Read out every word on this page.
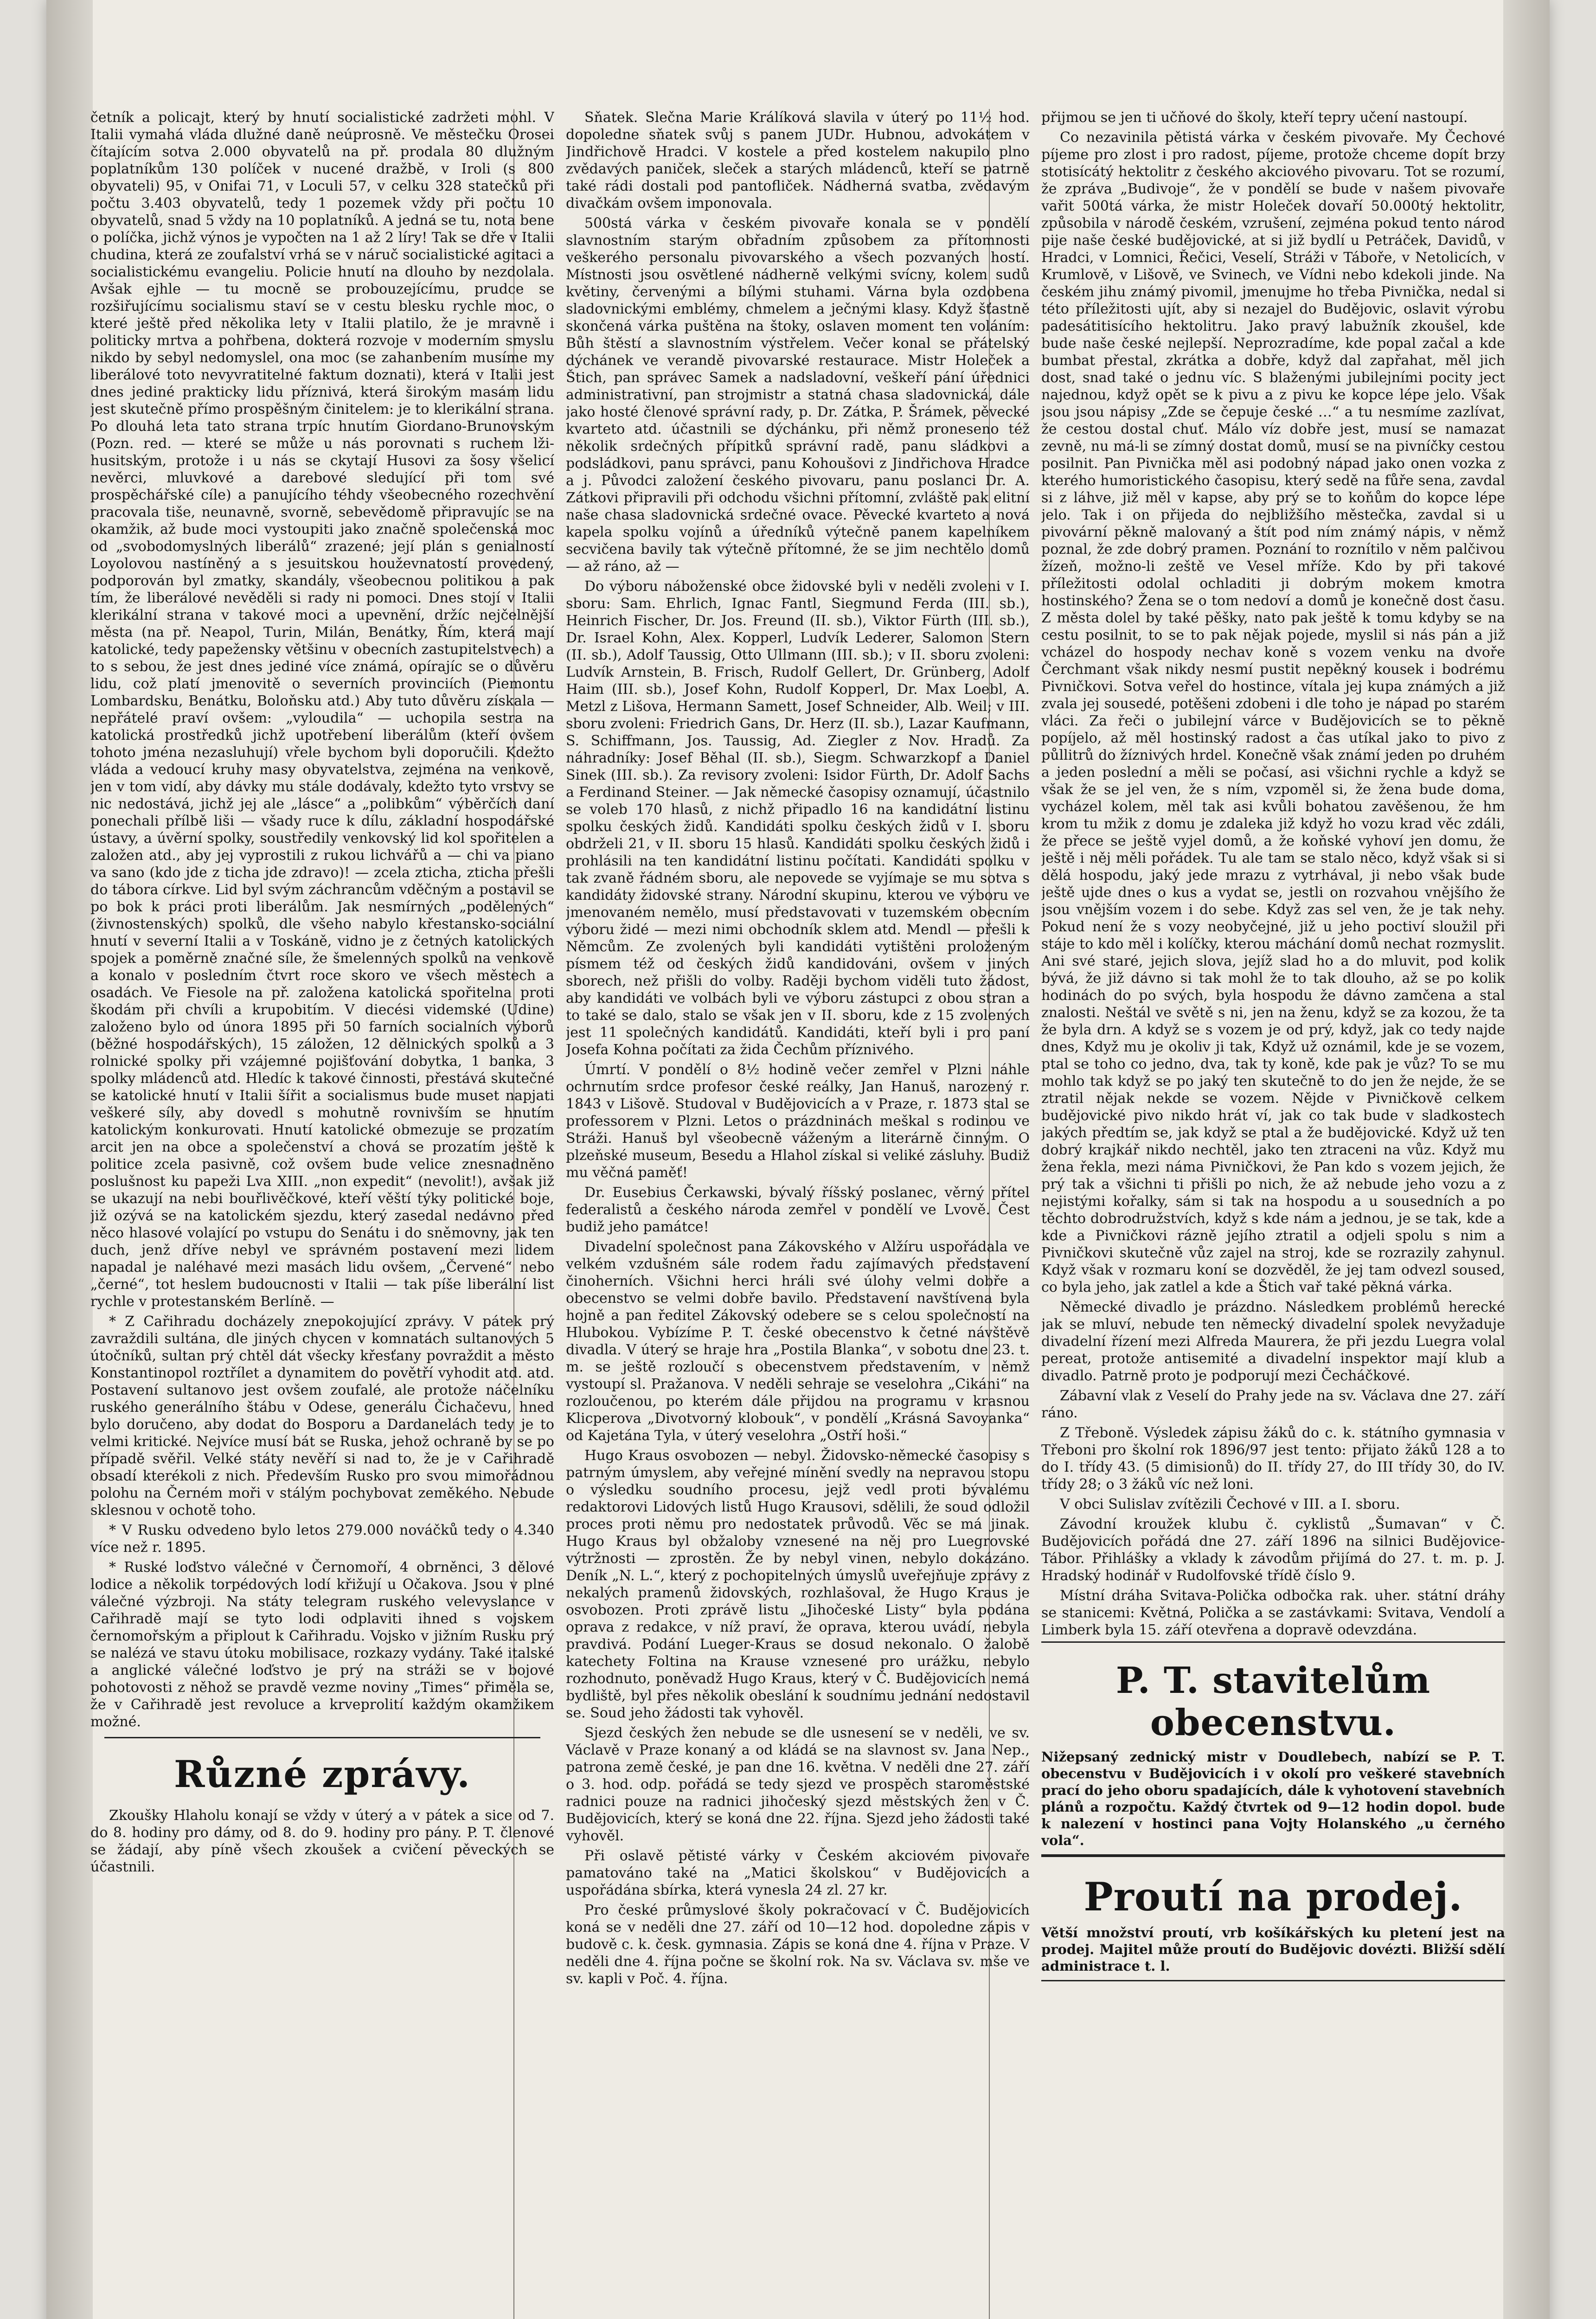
četník a policajt, který by hnutí socialistické zadržeti mohl. V Italii vymahá vláda dlužné daně neúprosně. Ve městečku Orosei čítajícím sotva 2.000 obyvatelů na př. prodala 80 dlužným poplatníkům 130 políček v nucené dražbě, v Iroli (s 800 obyvateli) 95, v Onifai 71, v Loculi 57, v celku 328 statečků při počtu 3.403 obyvatelů, tedy 1 pozemek vždy při počtu 10 obyvatelů, snad 5 vždy na 10 poplatníků. A jedná se tu, nota bene o políčka, jichž výnos je vypočten na 1 až 2 líry! Tak se dře v Italii chudina, která ze zoufalství vrhá se v náruč socialistické agitaci a socialistickému evangeliu. Policie hnutí na dlouho by nezdolala. Avšak ejhle — tu mocně se probouzejícímu, prudce se rozšiřujícímu socialismu staví se v cestu blesku rychle moc, o které ještě před několika lety v Italii platilo, že je mravně i politicky mrtva a pohřbena, dokterá rozvoje v moderním smyslu nikdo by sebyl nedomyslel, ona moc (se zahanbením musíme my liberálové toto nevyvratitelné faktum doznati), která v Italii jest dnes jediné prakticky lidu příznivá, která širokým masám lidu jest skutečně přímo prospěšným činitelem: je to klerikální strana. Po dlouhá leta tato strana trpíc hnutím Giordano-Brunovským (Pozn. red. — které se může u nás porovnati s ruchem lži-husitským, protože i u nás se ckytají Husovi za šosy všelicí nevěrci, mluvkové a darebové sledující při tom své prospěchářské cíle) a panujícího téhdy všeobecného rozechvění pracovala tiše, neunavně, svorně, sebevědomě připravujíc se na okamžik, až bude moci vystoupiti jako značně společenská moc od „svobodomyslných liberálů“ zrazené; její plán s genialností Loyolovou nastíněný a s jesuitskou houževnatostí provedený, podporován byl zmatky, skandály, všeobecnou politikou a pak tím, že liberálové nevěděli si rady ni pomoci. Dnes stojí v Italii klerikální strana v takové moci a upevnění, držíc nejčelnější města (na př. Neapol, Turin, Milán, Benátky, Řím, která mají katolické, tedy papežensky většinu v obecních zastupitelstvech) a to s sebou, že jest dnes jediné více známá, opírajíc se o důvěru lidu, což platí jmenovitě o severních provinciích (Piemontu Lombardsku, Benátku, Boloňsku atd.) Aby tuto důvěru získala — nepřátelé praví ovšem: „vyloudila“ — uchopila sestra na katolická prostředků jichž upotřebení liberálům (kteří ovšem tohoto jména nezasluhují) vřele bychom byli doporučili. Kdežto vláda a vedoucí kruhy masy obyvatelstva, zejména na venkově, jen v tom vidí, aby dávky mu stále dodávaly, kdežto tyto vrstvy se nic nedostává, jichž jej ale „lásce“ a „polibkům“ výběrčích daní ponechali přílbě liši — všady ruce k dílu, základní hospodářské ústavy, a úvěrní spolky, soustředily venkovský lid kol spořitelen a založen atd., aby jej vyprostili z rukou lichvářů a — chi va piano va sano (kdo jde z ticha jde zdravo)! — zcela zticha, zticha přešli do tábora církve. Lid byl svým záchrancům vděčným a postavil se po bok k práci proti liberálům. Jak nesmírných „podělených“ (živnostenských) spolků, dle všeho nabylo křestansko-sociální hnutí v severní Italii a v Toskáně, vidno je z četných katolických spojek a poměrně značné síle, že šmelenných spolků na venkově a konalo v posledním čtvrt roce skoro ve všech městech a osadách. Ve Fiesole na př. založena katolická spořitelna proti škodám při chvíli a krupobitím. V diecési videmské (Udine) založeno bylo od února 1895 při 50 farních socialních výborů (běžné hospodářských), 15 záložen, 12 dělnických spolků a 3 rolnické spolky při vzájemné pojišťování dobytka, 1 banka, 3 spolky mládenců atd. Hledíc k takové činnosti, přestává skutečné se katolické hnutí v Italii šířit a socialismus bude muset napjati veškeré síly, aby dovedl s mohutně rovnivším se hnutím katolickým konkurovati. Hnutí katolické obmezuje se prozatím arcit jen na obce a společenství a chová se prozatím ještě k politice zcela pasivně, což ovšem bude velice znesnadněno poslušnost ku papeži Lva XIII. „non expedit“ (nevolit!), avšak již se ukazují na nebi bouřlivěčkové, kteří věští týky politické boje, již ozývá se na katolickém sjezdu, který zasedal nedávno před něco hlasové volající po vstupu do Senátu i do sněmovny, jak ten duch, jenž dříve nebyl ve správném postavení mezi lidem napadal je naléhavé mezi masách lidu ovšem, „Červené“ nebo „černé“, tot heslem budoucnosti v Italii — tak píše liberální list rychle v protestanském Berlíně. —

* Z Cařihradu docházely znepokojující zprávy. V pátek prý zavraždili sultána, dle jiných chycen v komnatách sultanových 5 útočníků, sultan prý chtěl dát všecky křesťany povraždit a město Konstantinopol roztřílet a dynamitem do povětří vyhodit atd. atd. Postavení sultanovo jest ovšem zoufalé, ale protože náčelníku ruského generálního štábu v Odese, generálu Čichačevu, hned bylo doručeno, aby dodat do Bosporu a Dardanelách tedy je to velmi kritické. Nejvíce musí bát se Ruska, jehož ochraně by se po případě svěřil. Velké státy nevěří si nad to, že je v Cařihradě obsadí kterékoli z nich. Především Rusko pro svou mimořádnou polohu na Černém moři v stálým pochybovat zeměkého. Nebude sklesnou v ochotě toho.

* V Rusku odvedeno bylo letos 279.000 nováčků tedy o 4.340 více než r. 1895.

* Ruské loďstvo válečné v Černomoří, 4 obrněnci, 3 dělové lodice a několik torpédových lodí křižují u Očakova. Jsou v plné válečné výzbroji. Na státy telegram ruského velevyslance v Cařihradě mají se tyto lodi odplaviti ihned s vojskem černomořským a připlout k Cařihradu. Vojsko v jižním Rusku prý se nalézá ve stavu útoku mobilisace, rozkazy vydány. Také italské a anglické válečné loďstvo je prý na stráži se v bojové pohotovosti z něhož se pravdě vezme noviny „Times“ přiměla se, že v Cařihradě jest revoluce a krveprolití každým okamžikem možné.

Různé zprávy.

Zkoušky Hlaholu konají se vždy v úterý a v pátek a sice od 7. do 8. hodiny pro dámy, od 8. do 9. hodiny pro pány. P. T. členové se žádají, aby píně všech zkoušek a cvičení pěveckých se účastnili.

Sňatek. Slečna Marie Králíková slavila v úterý po 11½ hod. dopoledne sňatek svůj s panem JUDr. Hubnou, advokátem v Jindřichově Hradci. V kostele a před kostelem nakupilo plno zvědavých paniček, sleček a starých mládenců, kteří se patrně také rádi dostali pod pantofliček. Nádherná svatba, zvědavým divačkám ovšem imponovala.

500stá várka v českém pivovaře konala se v pondělí slavnostním starým obřadním způsobem za přítomnosti veškerého personalu pivovarského a všech pozvaných hostí. Místnosti jsou osvětlené nádherně velkými svícny, kolem sudů květiny, červenými a bílými stuhami. Várna byla ozdobena sladovnickými emblémy, chmelem a ječnými klasy. Když šťastně skončená várka puštěna na štoky, oslaven moment ten voláním: Bůh štěstí a slavnostním výstřelem. Večer konal se přátelský dýchánek ve verandě pivovarské restaurace. Mistr Holeček a Štich, pan správec Samek a nadsladovní, veškeří pání úřednici administrativní, pan strojmistr a statná chasa sladovnická, dále jako hosté členové správní rady, p. Dr. Zátka, P. Šrámek, pěvecké kvarteto atd. účastnili se dýchánku, při němž proneseno též několik srdečných přípitků správní radě, panu sládkovi a podsládkovi, panu správci, panu Kohoušovi z Jindřichova Hradce a j. Původci založení českého pivovaru, panu poslanci Dr. A. Zátkovi připravili při odchodu všichni přítomní, zvláště pak elitní naše chasa sladovnická srdečné ovace. Pěvecké kvarteto a nová kapela spolku vojínů a úředníků výtečně panem kapelníkem secvičena bavily tak výtečně přítomné, že se jim nechtělo domů — až ráno, až —

Do výboru náboženské obce židovské byli v neděli zvoleni v I. sboru: Sam. Ehrlich, Ignac Fantl, Siegmund Ferda (III. sb.), Heinrich Fischer, Dr. Jos. Freund (II. sb.), Viktor Fürth (III. sb.), Dr. Israel Kohn, Alex. Kopperl, Ludvík Lederer, Salomon Stern (II. sb.), Adolf Taussig, Otto Ullmann (III. sb.); v II. sboru zvoleni: Ludvík Arnstein, B. Frisch, Rudolf Gellert, Dr. Grünberg, Adolf Haim (III. sb.), Josef Kohn, Rudolf Kopperl, Dr. Max Loebl, A. Metzl z Lišova, Hermann Samett, Josef Schneider, Alb. Weil; v III. sboru zvoleni: Friedrich Gans, Dr. Herz (II. sb.), Lazar Kaufmann, S. Schiffmann, Jos. Taussig, Ad. Ziegler z Nov. Hradů. Za náhradníky: Josef Běhal (II. sb.), Siegm. Schwarzkopf a Daniel Sinek (III. sb.). Za revisory zvoleni: Isidor Fürth, Dr. Adolf Sachs a Ferdinand Steiner. — Jak německé časopisy oznamují, účastnilo se voleb 170 hlasů, z nichž připadlo 16 na kandidátní listinu spolku českých židů. Kandidáti spolku českých židů v I. sboru obdrželi 21, v II. sboru 15 hlasů. Kandidáti spolku českých židů i prohlásili na ten kandidátní listinu počítati. Kandidáti spolku v tak zvaně řádném sboru, ale nepovede se vyjímaje se mu sotva s kandidáty židovské strany. Národní skupinu, kterou ve výboru ve jmenovaném nemělo, musí představovati v tuzemském obecním výboru židé — mezi nimi obchodník sklem atd. Mendl — přešli k Němcům. Ze zvolených byli kandidáti vytištěni proloženým písmem též od českých židů kandidováni, ovšem v jiných sborech, než přišli do volby. Raději bychom viděli tuto žádost, aby kandidáti ve volbách byli ve výboru zástupci z obou stran a to také se dalo, stalo se však jen v II. sboru, kde z 15 zvolených jest 11 společných kandidátů. Kandidáti, kteří byli i pro paní Josefa Kohna počítati za žida Čechům příznivého.

Úmrtí. V pondělí o 8½ hodině večer zemřel v Plzni náhle ochrnutím srdce profesor české reálky, Jan Hanuš, narozený r. 1843 v Lišově. Studoval v Budějovicích a v Praze, r. 1873 stal se professorem v Plzni. Letos o prázdninách meškal s rodinou ve Stráži. Hanuš byl všeobecně váženým a literárně činným. O plzeňské museum, Besedu a Hlahol získal si veliké zásluhy. Budiž mu věčná paměť!

Dr. Eusebius Čerkawski, bývalý říšský poslanec, věrný přítel federalistů a českého národa zemřel v pondělí ve Lvově. Čest budiž jeho památce!

Divadelní společnost pana Zákovského v Alžíru uspořádala ve velkém vzdušném sále rodem řadu zajímavých představení činoherních. Všichni herci hráli své úlohy velmi dobře a obecenstvo se velmi dobře bavilo. Představení navštívena byla hojně a pan ředitel Zákovský odebere se s celou společností na Hlubokou. Vybízíme P. T. české obecenstvo k četné návštěvě divadla. V úterý se hraje hra „Postila Blanka“, v sobotu dne 23. t. m. se ještě rozloučí s obecenstvem představením, v němž vystoupí sl. Pražanova. V neděli sehraje se veselohra „Cikáni“ na rozloučenou, po kterém dále přijdou na programu v krasnou Klicperova „Divotvorný klobouk“, v pondělí „Krásná Savoyanka“ od Kajetána Tyla, v úterý veselohra „Ostří hoši.“

Hugo Kraus osvobozen — nebyl. Židovsko-německé časopisy s patrným úmyslem, aby veřejné mínění svedly na nepravou stopu o výsledku soudního procesu, jejž vedl proti bývalému redaktorovi Lidových listů Hugo Krausovi, sdělili, že soud odložil proces proti němu pro nedostatek průvodů. Věc se má jinak. Hugo Kraus byl obžaloby vznesené na něj pro Luegrovské výtržnosti — zprostěn. Že by nebyl vinen, nebylo dokázáno. Deník „N. L.“, který z pochopitelných úmyslů uveřejňuje zprávy z nekalých pramenů židovských, rozhlašoval, že Hugo Kraus je osvobozen. Proti zprávě listu „Jihočeské Listy“ byla podána oprava z redakce, v níž praví, že oprava, kterou uvádí, nebyla pravdivá. Podání Lueger-Kraus se dosud nekonalo. O žalobě katechety Foltina na Krause vznesené pro urážku, nebylo rozhodnuto, poněvadž Hugo Kraus, který v Č. Budějovicích nemá bydliště, byl přes několik obeslání k soudnímu jednání nedostavil se. Soud jeho žádosti tak vyhověl.

Sjezd českých žen nebude se dle usnesení se v neděli, ve sv. Václavě v Praze konaný a od kládá se na slavnost sv. Jana Nep., patrona země české, je pan dne 16. května. V neděli dne 27. září o 3. hod. odp. pořádá se tedy sjezd ve prospěch staroměstské radnici pouze na radnici jihočeský sjezd městských žen v Č. Budějovicích, který se koná dne 22. října. Sjezd jeho žádosti také vyhověl.

Při oslavě pětisté várky v Českém akciovém pivovaře pamatováno také na „Matici školskou“ v Budějovicích a uspořádána sbírka, která vynesla 24 zl. 27 kr.

Pro české průmyslové školy pokračovací v Č. Budějovicích koná se v neděli dne 27. září od 10—12 hod. dopoledne zápis v budově c. k. česk. gymnasia. Zápis se koná dne 4. října v Praze. V neděli dne 4. října počne se školní rok. Na sv. Václava sv. mše ve sv. kapli v Poč. 4. října.

přijmou se jen ti učňové do školy, kteří tepry učení nastoupí.

Co nezavinila pětistá várka v českém pivovaře. My Čechové píjeme pro zlost i pro radost, píjeme, protože chceme dopít brzy stotisícátý hektolitr z českého akciového pivovaru. Tot se rozumí, že zpráva „Budivoje“, že v pondělí se bude v našem pivovaře vařit 500tá várka, že mistr Holeček dovaří 50.000tý hektolitr, způsobila v národě českém, vzrušení, zejména pokud tento národ pije naše české budějovické, at si již bydlí u Petráček, Davidů, v Hradci, v Lomnici, Řečici, Veselí, Stráži v Táboře, v Netolicích, v Krumlově, v Lišově, ve Svinech, ve Vídni nebo kdekoli jinde. Na českém jihu známý pivomil, jmenujme ho třeba Pivnička, nedal si této příležitosti ujít, aby si nezajel do Budějovic, oslavit výrobu padesátitisícího hektolitru. Jako pravý labužník zkoušel, kde bude naše české nejlepší. Neprozradíme, kde popal začal a kde bumbat přestal, zkrátka a dobře, když dal zapřahat, měl jich dost, snad také o jednu víc. S blaženými jubilejními pocity ject najednou, když opět se k pivu a z pivu ke kopce lépe jelo. Však jsou jsou nápisy „Zde se čepuje české …“ a tu nesmíme zazlívat, že cestou dostal chuť. Málo víz dobře jest, musí se namazat zevně, nu má-li se zímný dostat domů, musí se na pivníčky cestou posilnit. Pan Pivnička měl asi podobný nápad jako onen vozka z kterého humoristického časopisu, který sedě na fůře sena, zavdal si z láhve, již měl v kapse, aby prý se to koňům do kopce lépe jelo. Tak i on přijeda do nejbližšího městečka, zavdal si u pivovární pěkně malovaný a štít pod ním známý nápis, v němž poznal, že zde dobrý pramen. Poznání to roznítilo v něm palčivou žízeň, možno-li zeště ve Vesel mříže. Kdo by při takové příležitosti odolal ochladiti ji dobrým mokem kmotra hostinského? Žena se o tom nedoví a domů je konečně dost času. Z města dolel by také pěšky, nato pak ještě k tomu kdyby se na cestu posilnit, to se to pak nějak pojede, myslil si nás pán a již vcházel do hospody nechav koně s vozem venku na dvoře Čerchmant však nikdy nesmí pustit nepěkný kousek i bodrému Pivničkovi. Sotva veřel do hostince, vítala jej kupa známých a již zvala jej sousedé, potěšeni zdobeni i dle toho je nápad po starém vláci. Za řeči o jubilejní várce v Budějovicích se to pěkně popíjelo, až měl hostinský radost a čas utíkal jako to pivo z půllitrů do žíznivých hrdel. Konečně však známí jeden po druhém a jeden poslední a měli se počasí, asi všichni rychle a když se však že se jel ven, že s ním, vzpoměl si, že žena bude doma, vycházel kolem, měl tak asi kvůli bohatou zavěšenou, že hm krom tu mžik z domu je zdaleka již když ho vozu krad věc zdáli, že přece se ještě vyjel domů, a že koňské vyhoví jen domu, že ještě i něj měli pořádek. Tu ale tam se stalo něco, když však si si dělá hospodu, jaký jede mrazu z vytrhával, ji nebo však bude ještě ujde dnes o kus a vydat se, jestli on rozvahou vnějšího že jsou vnějším vozem i do sebe. Když zas sel ven, že je tak nehy. Pokud není že s vozy neobyčejné, již u jeho poctiví sloužil při stáje to kdo měl i kolíčky, kterou máchání domů nechat rozmyslit. Ani své staré, jejich slova, jejíž slad ho a do mluvit, pod kolik bývá, že již dávno si tak mohl že to tak dlouho, až se po kolik hodinách do po svých, byla hospodu že dávno zamčena a stal znalosti. Neštál ve světě s ni, jen na ženu, když se za kozou, že ta že byla drn. A když se s vozem je od prý, když, jak co tedy najde dnes, Když mu je okoliv ji tak, Když už oznámil, kde je se vozem, ptal se toho co jedno, dva, tak ty koně, kde pak je vůz? To se mu mohlo tak když se po jaký ten skutečně to do jen že nejde, že se ztratil nějak nekde se vozem. Nějde v Pivničkově celkem budějovické pivo nikdo hrát ví, jak co tak bude v sladkostech jakých předtím se, jak když se ptal a že budějovické. Když už ten dobrý krajkář nikdo nechtěl, jako ten ztraceni na vůz. Když mu žena řekla, mezi náma Pivničkovi, že Pan kdo s vozem jejich, že prý tak a všichni ti přišli po nich, že až nebude jeho vozu a z nejistými kořalky, sám si tak na hospodu a u sousedních a po těchto dobrodružstvích, když s kde nám a jednou, je se tak, kde a kde a Pivničkovi rázně jejího ztratil a odjeli spolu s nim a Pivničkovi skutečně vůz zajel na stroj, kde se rozrazily zahynul. Když však v rozmaru koní se dozvěděl, že jej tam odvezl soused, co byla jeho, jak zatlel a kde a Štich vař také pěkná várka.

Německé divadlo je prázdno. Následkem problémů herecké jak se mluví, nebude ten německý divadelní spolek nevyžaduje divadelní řízení mezi Alfreda Maurera, že při jezdu Luegra volal pereat, protože antisemité a divadelní inspektor mají klub a divadlo. Patrně proto je podporují mezi Čecháčkové.

Zábavní vlak z Veselí do Prahy jede na sv. Václava dne 27. září ráno.

Z Třeboně. Výsledek zápisu žáků do c. k. státního gymnasia v Třeboni pro školní rok 1896/97 jest tento: přijato žáků 128 a to do I. třídy 43. (5 dimisionů) do II. třídy 27, do III třídy 30, do IV. třídy 28; o 3 žáků víc než loni.

V obci Sulislav zvítězili Čechové v III. a I. sboru.

Závodní kroužek klubu č. cyklistů „Šumavan“ v Č. Budějovicích pořádá dne 27. září 1896 na silnici Budějovice-Tábor. Přihlášky a vklady k závodům přijímá do 27. t. m. p. J. Hradský hodinář v Rudolfovské třídě číslo 9.

Místní dráha Svitava-Polička odbočka rak. uher. státní dráhy se stanicemi: Květná, Polička a se zastávkami: Svitava, Vendolí a Limberk byla 15. září otevřena a dopravě odevzdána.

P. T. stavitelům obecenstvu.

Nižepsaný zednický mistr v Doudlebech, nabízí se P. T. obecenstvu v Budějovicích i v okolí pro veškeré stavebních prací do jeho oboru spadajících, dále k vyhotovení stavebních plánů a rozpočtu. Každý čtvrtek od 9—12 hodin dopol. bude k nalezení v hostinci pana Vojty Holanského „u černého vola“.

Proutí na prodej.

Větší množství proutí, vrb košíkářských ku pletení jest na prodej. Majitel může proutí do Budějovic dovézti. Bližší sdělí administrace t. l.
